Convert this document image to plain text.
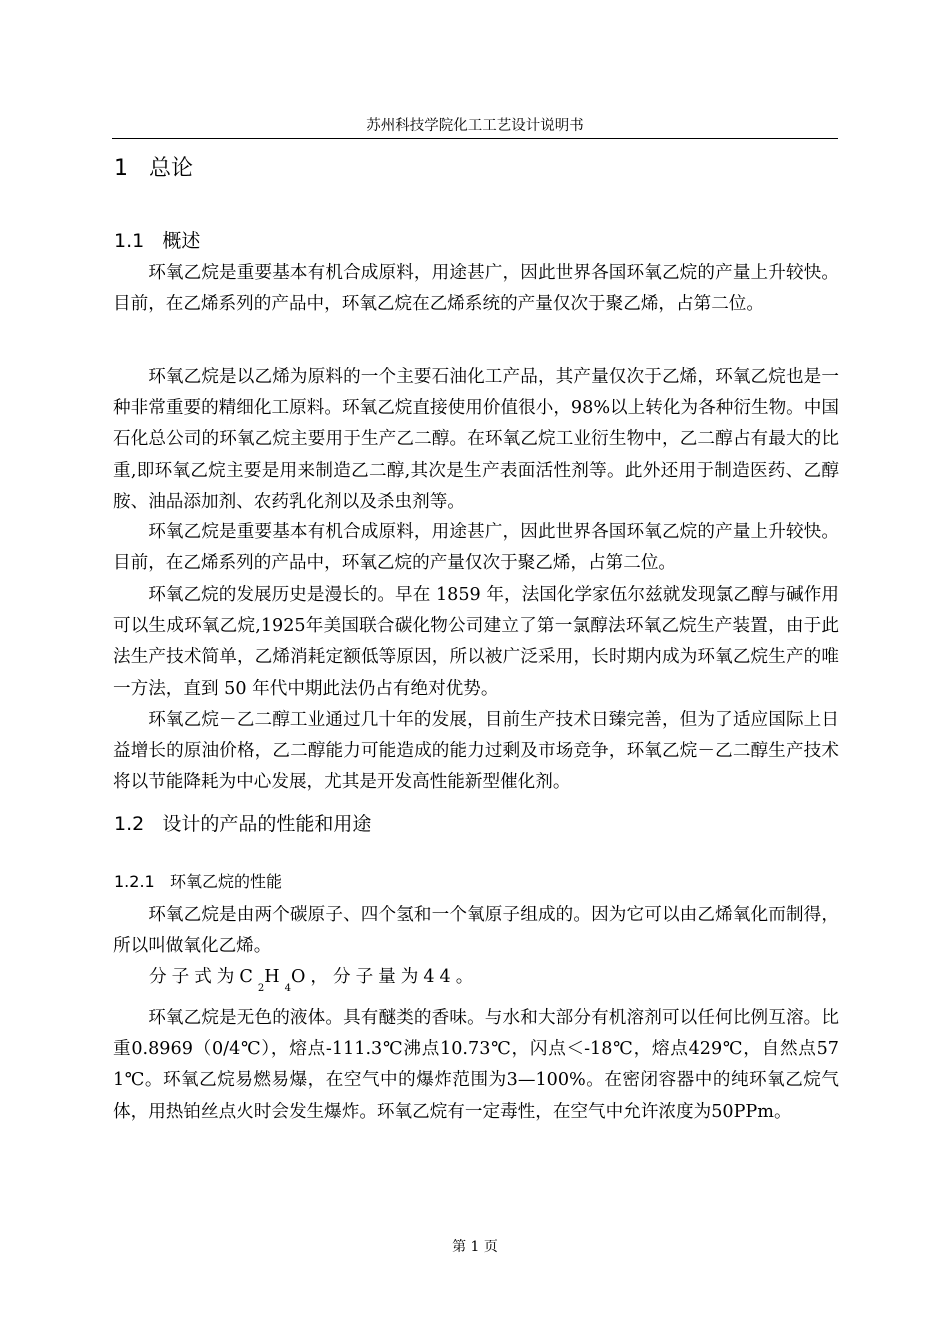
苏州科技学院化工工艺设计说明书
1 总论
1.1 概述

环氧乙烷是重要基本有机合成原料，用途甚广，因此世界各国环氧乙烷的产量上升较快。目前，在乙烯系列的产品中，环氧乙烷在乙烯系统的产量仅次于聚乙烯，占第二位。

环氧乙烷是以乙烯为原料的一个主要石油化工产品，其产量仅次于乙烯，环氧乙烷也是一种非常重要的精细化工原料。环氧乙烷直接使用价值很小，98%以上转化为各种衍生物。中国石化总公司的环氧乙烷主要用于生产乙二醇。在环氧乙烷工业衍生物中，乙二醇占有最大的比重,即环氧乙烷主要是用来制造乙二醇,其次是生产表面活性剂等。此外还用于制造医药、乙醇胺、油品添加剂、农药乳化剂以及杀虫剂等。

环氧乙烷是重要基本有机合成原料，用途甚广，因此世界各国环氧乙烷的产量上升较快。目前，在乙烯系列的产品中，环氧乙烷的产量仅次于聚乙烯，占第二位。

环氧乙烷的发展历史是漫长的。早在 1859 年，法国化学家伍尔兹就发现氯乙醇与碱作用可以生成环氧乙烷,1925年美国联合碳化物公司建立了第一氯醇法环氧乙烷生产装置，由于此法生产技术简单，乙烯消耗定额低等原因，所以被广泛采用，长时期内成为环氧乙烷生产的唯一方法，直到 50 年代中期此法仍占有绝对优势。

环氧乙烷－乙二醇工业通过几十年的发展，目前生产技术日臻完善，但为了适应国际上日益增长的原油价格，乙二醇能力可能造成的能力过剩及市场竞争，环氧乙烷－乙二醇生产技术将以节能降耗为中心发展，尤其是开发高性能新型催化剂。

1.2 设计的产品的性能和用途
1.2.1 环氧乙烷的性能

环氧乙烷是由两个碳原子、四个氢和一个氧原子组成的。因为它可以由乙烯氧化而制得，所以叫做氧化乙烯。

分子式为$C_2H_4O$，分子量为44。

环氧乙烷是无色的液体。具有醚类的香味。与水和大部分有机溶剂可以任何比例互溶。比重0.8969（0/4℃），熔点-111.3℃沸点10.73℃，闪点＜-18℃，熔点429℃，自然点571℃。环氧乙烷易燃易爆，在空气中的爆炸范围为3—100%。在密闭容器中的纯环氧乙烷气体，用热铂丝点火时会发生爆炸。环氧乙烷有一定毒性，在空气中允许浓度为50PPm。

第 1 页
